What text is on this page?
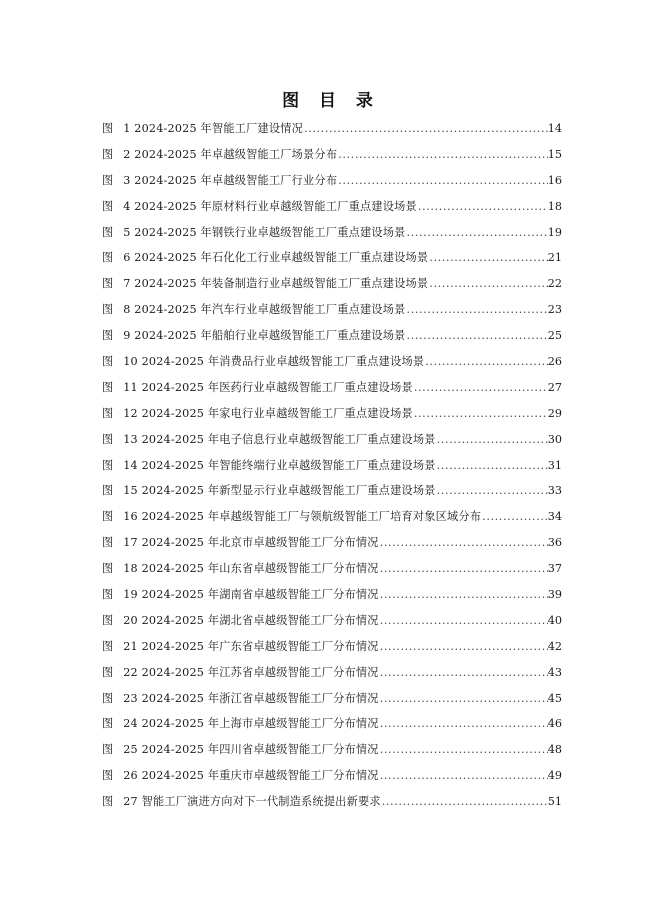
图 目 录
图 1 2024-2025 年智能工厂建设情况 .....	14
图 2 2024-2025 年卓越级智能工厂场景分布 .....	15
图 3 2024-2025 年卓越级智能工厂行业分布 .....	16
图 4 2024-2025 年原材料行业卓越级智能工厂重点建设场景 .....	18
图 5 2024-2025 年钢铁行业卓越级智能工厂重点建设场景 .....	19
图 6 2024-2025 年石化化工行业卓越级智能工厂重点建设场景 .....	21
图 7 2024-2025 年装备制造行业卓越级智能工厂重点建设场景 .....	22
图 8 2024-2025 年汽车行业卓越级智能工厂重点建设场景 .....	23
图 9 2024-2025 年船舶行业卓越级智能工厂重点建设场景 .....	25
图 10 2024-2025 年消费品行业卓越级智能工厂重点建设场景 .....	26
图 11 2024-2025 年医药行业卓越级智能工厂重点建设场景 .....	27
图 12 2024-2025 年家电行业卓越级智能工厂重点建设场景 .....	29
图 13 2024-2025 年电子信息行业卓越级智能工厂重点建设场景 .....	30
图 14 2024-2025 年智能终端行业卓越级智能工厂重点建设场景 .....	31
图 15 2024-2025 年新型显示行业卓越级智能工厂重点建设场景 .....	33
图 16 2024-2025 年卓越级智能工厂与领航级智能工厂培育对象区域分布 .....	34
图 17 2024-2025 年北京市卓越级智能工厂分布情况 .....	36
图 18 2024-2025 年山东省卓越级智能工厂分布情况 .....	37
图 19 2024-2025 年湖南省卓越级智能工厂分布情况 .....	39
图 20 2024-2025 年湖北省卓越级智能工厂分布情况 .....	40
图 21 2024-2025 年广东省卓越级智能工厂分布情况 .....	42
图 22 2024-2025 年江苏省卓越级智能工厂分布情况 .....	43
图 23 2024-2025 年浙江省卓越级智能工厂分布情况 .....	45
图 24 2024-2025 年上海市卓越级智能工厂分布情况 .....	46
图 25 2024-2025 年四川省卓越级智能工厂分布情况 .....	48
图 26 2024-2025 年重庆市卓越级智能工厂分布情况 .....	49
图 27 智能工厂演进方向对下一代制造系统提出新要求 .....	51
